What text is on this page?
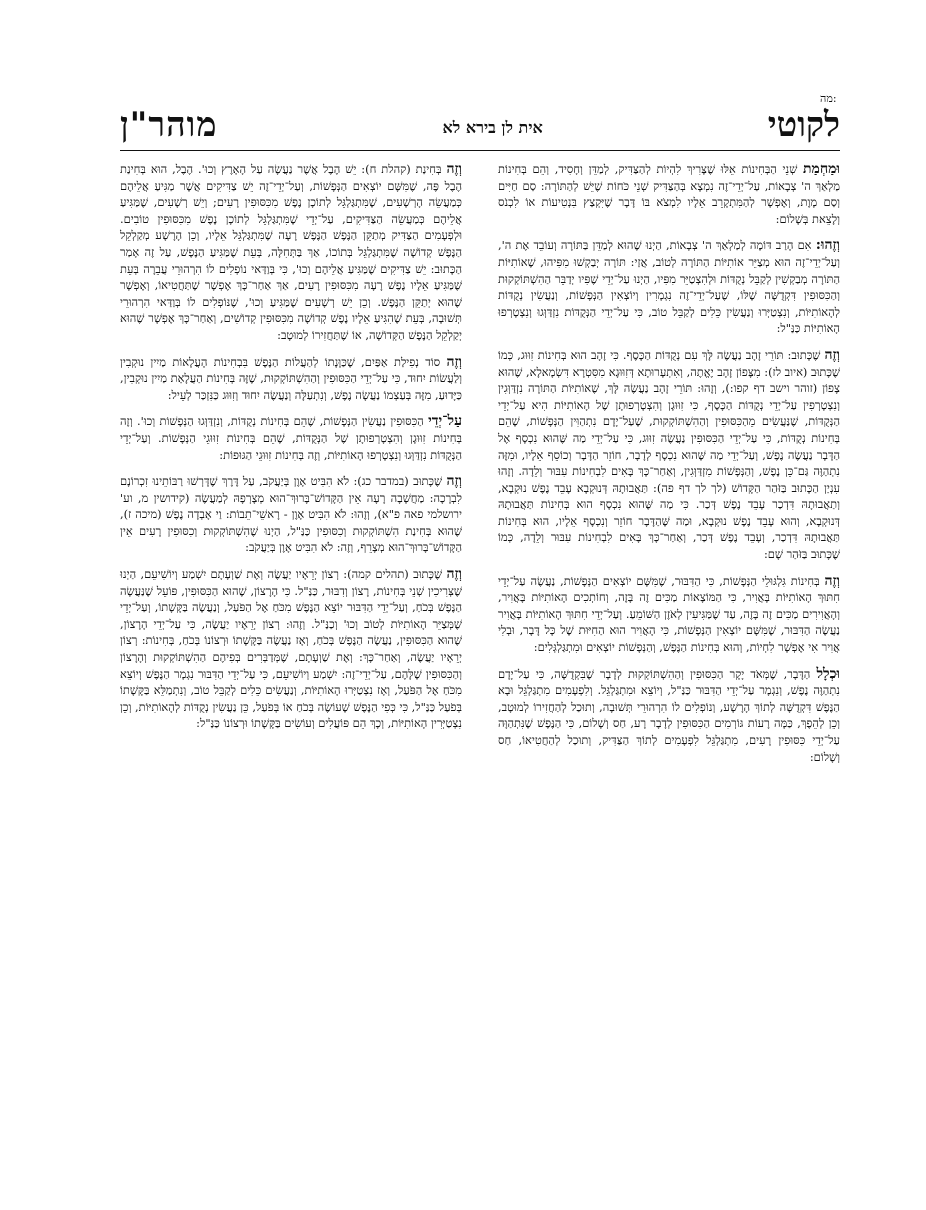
מה:
לקוטי
אית לן בירא לא
מוהר"ן
וּמַחְמַת שְׁנֵי הַבְּחִינוֹת אֵלּוּ שֶׁצָּרִיךְ לִהְיוֹת לְהַצַּדִּיק, לְמַדֵּן וְחָסִיד, וְהֵם בְּחִינוֹת מַלְאַךְ ה' צְבָאוֹת, עַל־יְדֵי־זֶה נִמְצָא בְּהַצַּדִּיק שְׁנֵי כֹּחוֹת שֶׁיֵּשׁ לְהַתּוֹרָה: סַם חַיִּים וְסַם מָוֶת, וְאֶפְשָׁר לְהַמִּתְקָרֵב אֵלָיו לִמְצֹא בּוֹ דָּבָר שֶׁיִּקְצַץ בִּנְטִיעוֹת אוֹ לִכְנֹס וְלָצֵאת בְּשָׁלוֹם:
וְזֶהוּ: אִם הָרַב דּוֹמֶה לְמַלְאַךְ ה' צְבָאוֹת, הַיְנוּ שֶׁהוּא לְמַדֵּן בַּתּוֹרָה וְעוֹבֵד אֶת ה', וְעַל־יְדֵי־זֶה הוּא מְצַיֵּר אוֹתִיּוֹת הַתּוֹרָה לְטוֹב, אֲזַי: תּוֹרָה יְבַקְשׁוּ מִפִּיהוּ, שֶׁאוֹתִיּוֹת הַתּוֹרָה מְבַקְשִׁין לְקַבֵּל נְקֻדּוֹת וּלְהִצְטַיֵּר מִפִּיו, הַיְנוּ עַל־יְדֵי שֶׁפִּיו יְדַבֵּר הַהִשְׁתּוֹקְקוּת וְהַכִּסּוּפִין דִּקְדֻשָּׁה שֶׁלּוֹ, שֶׁעַל־יְדֵי־זֶה נִגְמָרִין וְיוֹצְאִין הַנְּפָשׁוֹת, וְנַעֲשִׂין נְקֻדּוֹת לְהָאוֹתִיּוֹת, וְנִצְטַיְּרוּ וְנַעֲשִׂין כֵּלִים לְקַבֵּל טוֹב, כִּי עַל־יְדֵי הַנְּקֻדּוֹת נִזְדַּוְּגוּ וְנִצְטָרְפוּ הָאוֹתִיּוֹת כַּנַּ"ל:
וְזֶה שֶׁכָּתוּב: תּוֹרֵי זָהָב נַעֲשֶׂה לָּךְ עִם נְקֻדּוֹת הַכָּסֶף. כִּי זָהָב הוּא בְּחִינוֹת זִוּוּג, כְּמוֹ שֶׁכָּתוּב (איוב לז): מִצָּפוֹן זָהָב יֶאֱתֶה, וְאִתְעָרוּתָא דְּזִוּוּגָא מִסִּטְרָא דִּשְׂמָאלָא, שֶׁהוּא צָפוֹן (זוהר וישב דף קפו:), וְזֶהוּ: תּוֹרֵי זָהָב נַעֲשֶׂה לָּךְ, שֶׁאוֹתִיּוֹת הַתּוֹרָה נִזְדַּוְּגִין וְנִצְטָרְפִין עַל־יְדֵי נְקֻדּוֹת הַכָּסֶף, כִּי זִוּוּגָן וְהִצְטָרְפוּתָן שֶׁל הָאוֹתִיּוֹת הִיא עַל־יְדֵי הַנְּקֻדּוֹת, שֶׁנַּעֲשִׂים מֵהַכִּסּוּפִין וְהַהִשְׁתּוֹקְקוּת, שֶׁעַל־יָדָם נִתְהַוִּין הַנְּפָשׁוֹת, שֶׁהֵם בְּחִינוֹת נְקֻדּוֹת, כִּי עַל־יְדֵי הַכִּסּוּפִין נַעֲשֶׂה זִוּוּג, כִּי עַל־יְדֵי מַה שֶּׁהוּא נִכְסָף אֶל הַדָּבָר נַעֲשֶׂה נֶפֶשׁ, וְעַל־יְדֵי מַה שֶּׁהוּא נִכְסָף לְדָבָר, חוֹזֵר הַדָּבָר וְכוֹסֵף אֵלָיו, וּמִזֶּה נִתְהַוֶּה גַּם־כֵּן נֶפֶשׁ, וְהַנְּפָשׁוֹת מִזְדַּוְּגִין, וְאַחַר־כָּךְ בָּאִים לִבְחִינוֹת עִבּוּר וְלֵדָה. וְזֶהוּ עִנְיַן הַכָּתוּב בַּזֹּהַר הַקָּדוֹשׁ (לך לך דף פה): תַּאֲבוּתָהּ דְּנוּקְבָא עָבֵד נֶפֶשׁ נוּקְבָא, וְתַאֲבוּתָהּ דִּדְכַר עָבֵד נֶפֶשׁ דְּכַר. כִּי מַה שֶּׁהוּא נִכְסָף הוּא בְּחִינוֹת תַּאֲבוּתָהּ דְּנוּקְבָא, וְהוּא עָבֵד נֶפֶשׁ נוּקְבָא, וּמַה שֶּׁהַדָּבָר חוֹזֵר וְנִכְסָף אֵלָיו, הוּא בְּחִינוֹת תַּאֲבוּתָהּ דִּדְכַר, וְעָבֵד נֶפֶשׁ דְּכַר, וְאַחַר־כָּךְ בָּאִים לִבְחִינוֹת עִבּוּר וְלֵדָה, כְּמוֹ שֶׁכָּתוּב בַּזֹּהַר שָׁם:
וְזֶה בְּחִינוֹת גִּלְגּוּלֵי הַנְּפָשׁוֹת, כִּי הַדִּבּוּר, שֶׁמִּשָּׁם יוֹצְאִים הַנְּפָשׁוֹת, נַעֲשֶׂה עַל־יְדֵי חִתּוּךְ הָאוֹתִיּוֹת בָּאֲוִיר, כִּי הַמּוֹצָאוֹת מַכִּים זֶה בָּזֶה, וְחוֹתְכִים הָאוֹתִיּוֹת בָּאֲוִיר, וְהָאֲוִירִים מַכִּים זֶה בָּזֶה, עַד שֶׁמַּגִּיעִין לְאֹזֶן הַשּׁוֹמֵעַ. וְעַל־יְדֵי חִתּוּךְ הָאוֹתִיּוֹת בָּאֲוִיר נַעֲשֶׂה הַדִּבּוּר, שֶׁמִּשָּׁם יוֹצְאִין הַנְּפָשׁוֹת, כִּי הָאֲוִיר הוּא הַחִיּוּת שֶׁל כָּל דָּבָר, וּבְלִי אֲוִיר אִי אֶפְשָׁר לִחְיוֹת, וְהוּא בְּחִינוֹת הַנֶּפֶשׁ, וְהַנְּפָשׁוֹת יוֹצְאִים וּמִתְגַּלְגְּלִים:
וּכְלָל הַדָּבָר, שֶׁמְּאֹד יָקָר הַכִּסּוּפִין וְהַהִשְׁתּוֹקְקוּת לְדָבָר שֶׁבִּקְדֻשָּׁה, כִּי עַל־יָדָם נִתְהַוֶּה נֶפֶשׁ, וְנִגְמָר עַל־יְדֵי הַדִּבּוּר כַּנַּ"ל, וְיוֹצֵא וּמִתְגַּלְגֵּל. וְלִפְעָמִים מִתְגַּלְגֵּל וּבָא הַנֶּפֶשׁ דִּקְדֻשָּׁה לְתוֹךְ הָרָשָׁע, וְנוֹפְלִים לוֹ הִרְהוּרֵי תְּשׁוּבָה, וְתוּכַל לְהַחֲזִירוֹ לְמוּטָב, וְכֵן לְהֵפֶךְ, כַּמָּה רָעוֹת גּוֹרְמִים הַכִּסּוּפִין לְדָבָר רָע, חַס וְשָׁלוֹם, כִּי הַנֶּפֶשׁ שֶׁנִּתְהַוָּה עַל־יְדֵי כִּסּוּפִין רָעִים, מִתְגַּלְגֵּל לִפְעָמִים לְתוֹךְ הַצַּדִּיק, וְתוּכַל לְהַחֲטִיאוֹ, חַס וְשָׁלוֹם:
וְזֶה בְּחִינַת (קהלת ח): יֵשׁ הֶבֶל אֲשֶׁר נַעֲשָׂה עַל הָאָרֶץ וְכוּ'. הֶבֶל, הוּא בְּחִינַת הֶבֶל פֶּה, שֶׁמִּשָּׁם יוֹצְאִים הַנְּפָשׁוֹת, וְעַל־יְדֵי־זֶה יֵשׁ צַדִּיקִים אֲשֶׁר מַגִּיעַ אֲלֵיהֶם כְּמַעֲשֵׂה הָרְשָׁעִים, שֶׁמִּתְגַּלְגֵּל לְתוֹכָן נֶפֶשׁ מִכִּסּוּפִין רָעִים; וְיֵשׁ רְשָׁעִים, שֶׁמַּגִּיעַ אֲלֵיהֶם כְּמַעֲשֵׂה הַצַּדִּיקִים, עַל־יְדֵי שֶׁמִּתְגַּלְגֵּל לְתוֹכָן נֶפֶשׁ מִכִּסּוּפִין טוֹבִים. וּלְפְעָמִים הַצַּדִּיק מְתַקֵּן הַנֶּפֶשׁ הַנֶּפֶשׁ רָעָה שֶׁמִּתְגַּלְגֵּל אֵלָיו, וְכֵן הָרָשָׁע מְקַלְקֵל הַנֶּפֶשׁ קְדוֹשָׁה שֶׁמִּתְגַּלְגֵּל בְּתוֹכוֹ, אַךְ בַּתְּחִלָּה, בְּעֵת שֶׁמַּגִּיעַ הַנֶּפֶשׁ, עַל זֶה אָמַר הַכָּתוּב: יֵשׁ צַדִּיקִים שֶׁמַּגִּיעַ אֲלֵיהֶם וְכוּ', כִּי בְּוַדַּאי נוֹפְלִים לוֹ הִרְהוּרֵי עֲבֵרָה בְּעֵת שֶׁמַּגִּיעַ אֵלָיו נֶפֶשׁ רָעָה מִכִּסּוּפִין רָעִים, אַךְ אַחַר־כָּךְ אֶפְשָׁר שֶׁתַּחֲטִיאוֹ, וְאֶפְשָׁר שֶׁהוּא יְתַקֵּן הַנֶּפֶשׁ. וְכֵן יֵשׁ רְשָׁעִים שֶׁמַּגִּיעַ וְכוּ', שֶׁנּוֹפְלִים לוֹ בְּוַדַּאי הִרְהוּרֵי תְּשׁוּבָה, בְּעֵת שֶׁהִגִּיעַ אֵלָיו נֶפֶשׁ קְדוֹשָׁה מִכִּסּוּפִין קְדוֹשִׁים, וְאַחַר־כָּךְ אֶפְשָׁר שֶׁהוּא יְקַלְקֵל הַנֶּפֶשׁ הַקְּדוֹשָׁה, אוֹ שֶׁתַּחֲזִירוֹ לְמוּטָב:
וְזֶה סוֹד נְפִילַת אַפַּיִם, שֶׁכַּוָּנָתוֹ לְהַעֲלוֹת הַנֶּפֶשׁ בִּבְחִינוֹת הָעֲלָאוֹת מַיִין נוּקְבִין וְלַעֲשׂוֹת יִחוּד, כִּי עַל־יְדֵי הַכִּסּוּפִין וְהַהִשְׁתּוֹקְקוּת, שֶׁזֶּה בְּחִינוֹת הַעֲלָאַת מַיִין נוּקְבִין, כַּיָּדוּעַ, מִזֶּה בְּעַצְמוֹ נַעֲשָׂה נֶפֶשׁ, וְנִתְעַלָּה וְנַעֲשֶׂה יִחוּד וְזִוּוּג כַּנִּזְכַּר לְעֵיל:
עַל־יְדֵי הַכִּסּוּפִין נַעֲשִׂין הַנְּפָשׁוֹת, שֶׁהֵם בְּחִינוֹת נְקֻדּוֹת, וְנִזְדַּוְּגוּ הַנְּפָשׁוֹת וְכוּ'. וְזֶה בְּחִינוֹת זִוּוּגָן וְהִצְטָרְפוּתָן שֶׁל הַנְּקֻדּוֹת, שֶׁהֵם בְּחִינוֹת זִוּוּגֵי הַנְּפָשׁוֹת. וְעַל־יְדֵי הַנְּקֻדּוֹת נִזְדַּוְּגוּ וְנִצְטָרְפוּ הָאוֹתִיּוֹת, וְזֶה בְּחִינוֹת זִוּוּגֵי הַגּוּפוֹת:
וְזֶה שֶׁכָּתוּב (במדבר כג): לֹא הִבִּיט אָוֶן בְּיַעֲקֹב, עַל דֶּרֶךְ שֶׁדָּרְשׁוּ רַבּוֹתֵינוּ זִכְרוֹנָם לִבְרָכָה: מַחֲשָׁבָה רָעָה אֵין הַקָּדוֹשׁ־בָּרוּךְ־הוּא מְצָרְפָהּ לְמַעֲשֶׂה (קידושין מ, וע' ירושלמי פאה פ"א), וְזֶהוּ: לֹא הִבִּיט אָוֶן - רָאשֵׁי־תֵבוֹת: וַי אָבְדָה נֶפֶשׁ (מיכה ז), שֶׁהוּא בְּחִינַת הִשְׁתּוֹקְקוּת וְכִסּוּפִין כַּנַּ"ל, הַיְנוּ שֶׁהִשְׁתּוֹקְקוּת וְכִסּוּפִין רָעִים אֵין הַקָּדוֹשׁ־בָּרוּךְ־הוּא מְצָרֵף, וְזֶה: לֹא הִבִּיט אָוֶן בְּיַעֲקֹב:
וְזֶה שֶׁכָּתוּב (תהלים קמה): רְצוֹן יְרֵאָיו יַעֲשֶׂה וְאֶת שַׁוְעָתָם יִשְׁמַע וְיוֹשִׁיעֵם, הַיְנוּ שֶׁצְּרִיכִין שְׁנֵי בְּחִינוֹת, רָצוֹן וְדִבּוּר, כַּנַּ"ל. כִּי הָרָצוֹן, שֶׁהוּא הַכִּסּוּפִין, פּוֹעֵל שֶׁנַּעֲשָׂה הַנֶּפֶשׁ בְּכֹחַ, וְעַל־יְדֵי הַדִּבּוּר יוֹצֵא הַנֶּפֶשׁ מִכֹּחַ אֶל הַפֹּעַל, וְנַעֲשֶׂה בַּקָּשָׁתוֹ, וְעַל־יְדֵי שֶׁמְּצַיֵּר הָאוֹתִיּוֹת לְטוֹב וְכוּ' וְכַנַּ"ל. וְזֶהוּ: רְצוֹן יְרֵאָיו יַעֲשֶׂה, כִּי עַל־יְדֵי הָרָצוֹן, שֶׁהוּא הַכִּסּוּפִין, נַעֲשֶׂה הַנֶּפֶשׁ בְּכֹחַ, וְאָז נַעֲשֶׂה בַּקָּשָׁתוֹ וּרְצוֹנוֹ בְּכֹחַ, בְּחִינוֹת: רְצוֹן יְרֵאָיו יַעֲשֶׂה, וְאַחַר־כָּךְ: וְאֶת שַׁוְעָתָם, שֶׁמְּדַבְּרִים בְּפִיהֶם הַהִשְׁתּוֹקְקוּת וְהָרָצוֹן וְהַכִּסּוּפִין שֶׁלָּהֶם, עַל־יְדֵי־זֶה: יִשְׁמַע וְיוֹשִׁיעֵם, כִּי עַל־יְדֵי הַדִּבּוּר נִגְמָר הַנֶּפֶשׁ וְיוֹצֵא מִכֹּחַ אֶל הַפֹּעַל, וְאָז נִצְטַיְּרוּ הָאוֹתִיּוֹת, וְנַעֲשִׂים כֵּלִים לְקַבֵּל טוֹב, וְנִתְמַלֵּא בַּקָּשָׁתוֹ בְּפֹעַל כַּנַּ"ל, כִּי כְּפִי הַנֶּפֶשׁ שֶׁעוֹשֶׂה בְּכֹחַ אוֹ בְּפֹעַל, כֵּן נַעֲשִׂין נְקֻדּוֹת לְהָאוֹתִיּוֹת, וְכֵן נִצְטַיְּרִין הָאוֹתִיּוֹת, וְכָךְ הֵם פּוֹעֲלִים וְעוֹשִׂים בַּקָּשָׁתוֹ וּרְצוֹנוֹ כַּנַּ"ל:
